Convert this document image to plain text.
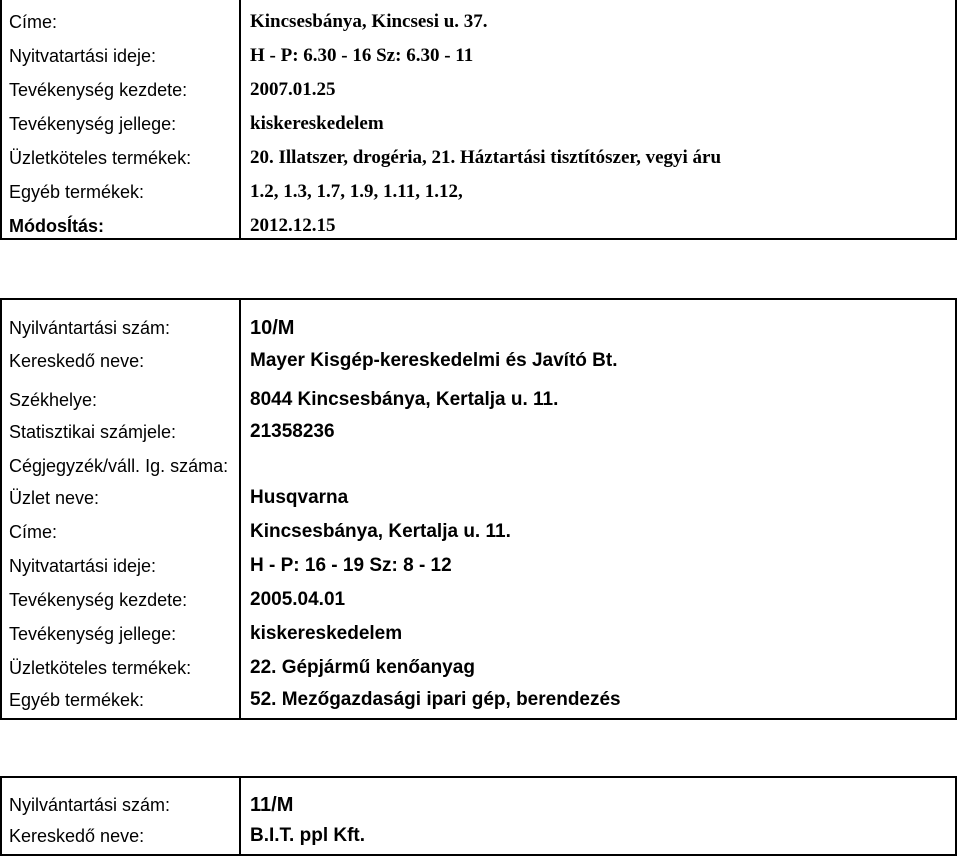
Címe:	Kincsesbánya, Kincsesi u. 37.
Nyitvatartási ideje:	H - P: 6.30 - 16 Sz: 6.30 - 11
Tevékenység kezdete:	2007.01.25
Tevékenység jellege:	kiskereskedelem
Üzletköteles termékek:	20. Illatszer, drogéria, 21. Háztartási tisztítószer, vegyi áru
Egyéb termékek:	1.2, 1.3, 1.7, 1.9, 1.11, 1.12,
MódosÍtás:	2012.12.15
Nyilvántartási szám:	10/M
Kereskedő neve:	Mayer Kisgép-kereskedelmi és Javító Bt.
Székhelye:	8044 Kincsesbánya, Kertalja u. 11.
Statisztikai számjele:	21358236
Cégjegyzék/váll. Ig. száma:
Üzlet neve:	Husqvarna
Címe:	Kincsesbánya, Kertalja u. 11.
Nyitvatartási ideje:	H - P: 16 - 19 Sz: 8 - 12
Tevékenység kezdete:	2005.04.01
Tevékenység jellege:	kiskereskedelem
Üzletköteles termékek:	22. Gépjármű kenőanyag
Egyéb termékek:	52. Mezőgazdasági ipari gép, berendezés
Nyilvántartási szám:	11/M
Kereskedő neve:	B.I.T. ppl Kft.
